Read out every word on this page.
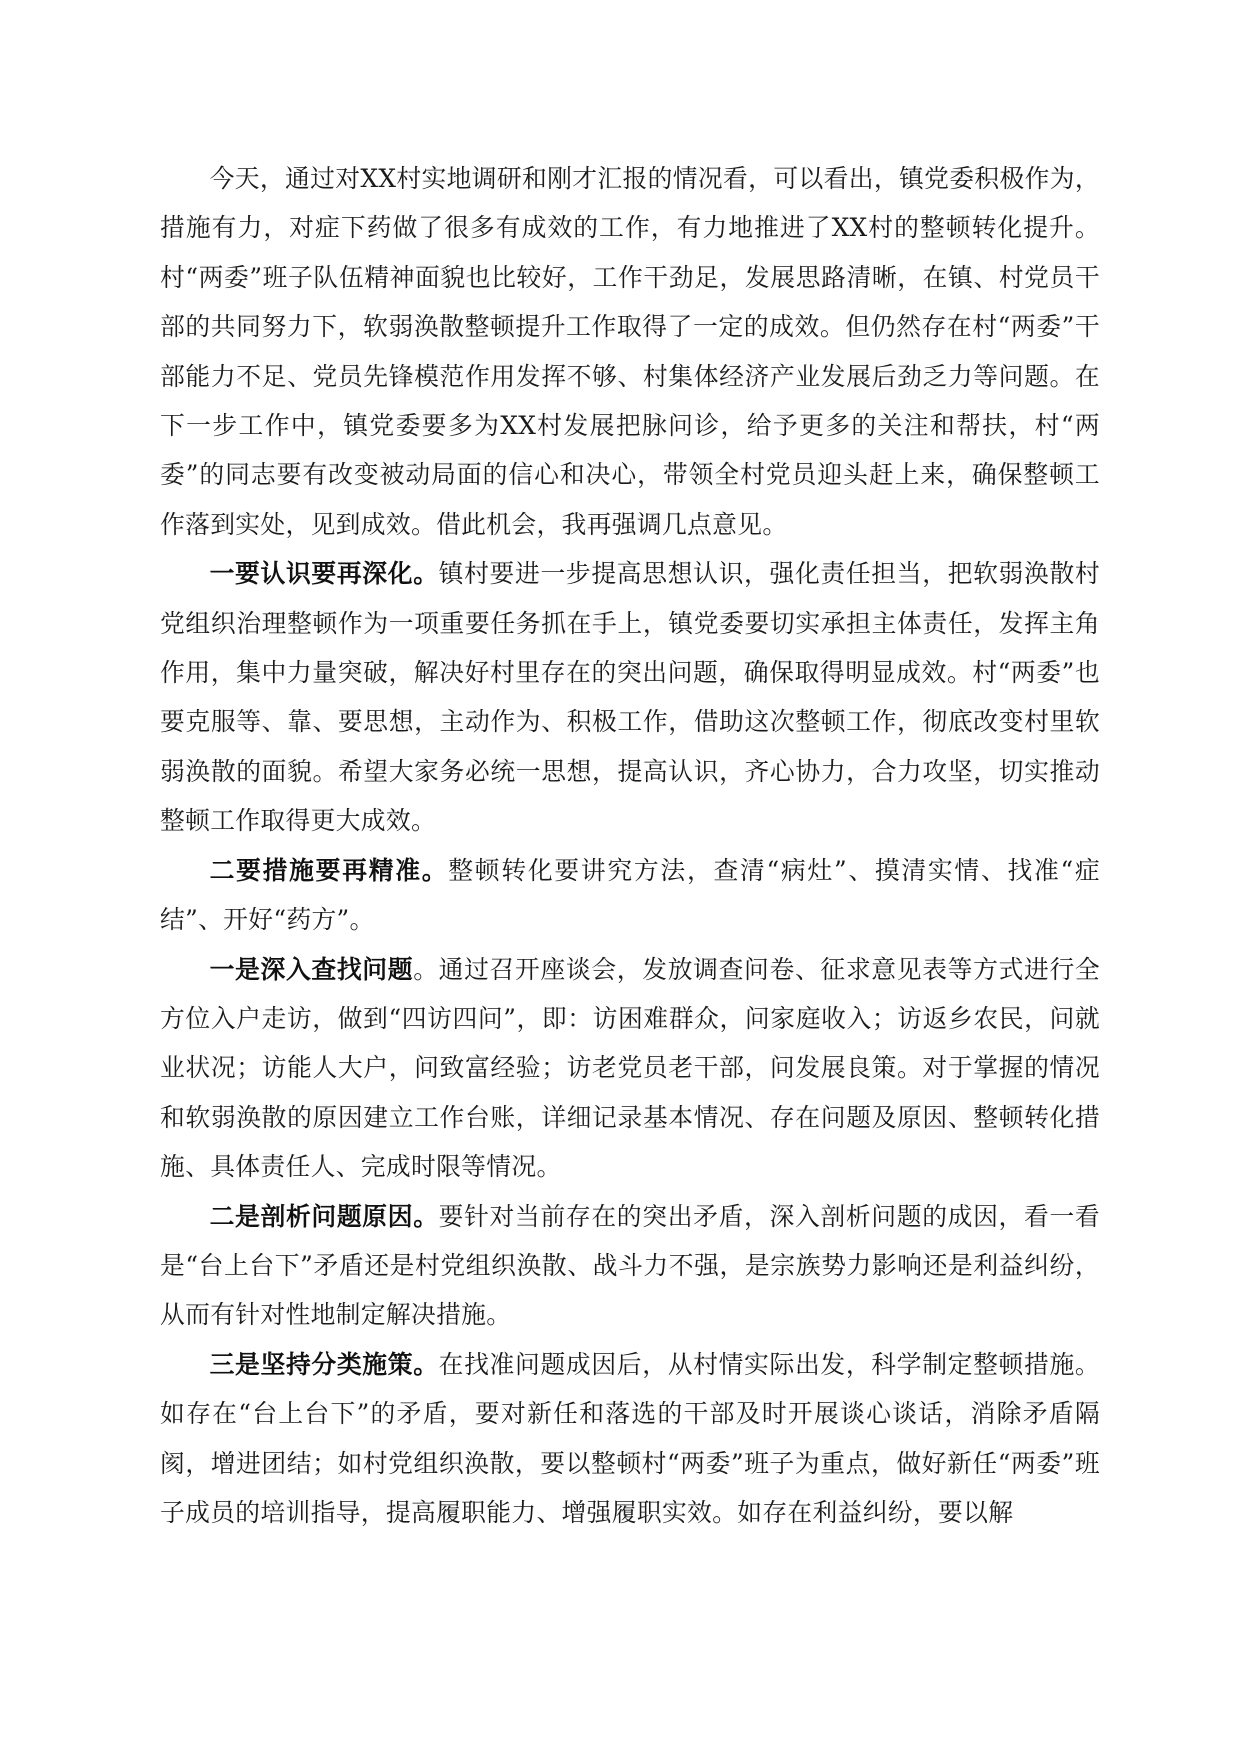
今天，通过对XX村实地调研和刚才汇报的情况看，可以看出，镇党委积极作为，措施有力，对症下药做了很多有成效的工作，有力地推进了XX村的整顿转化提升。村“两委”班子队伍精神面貌也比较好，工作干劲足，发展思路清晰，在镇、村党员干部的共同努力下，软弱涣散整顿提升工作取得了一定的成效。但仍然存在村“两委”干部能力不足、党员先锋模范作用发挥不够、村集体经济产业发展后劲乏力等问题。在下一步工作中，镇党委要多为XX村发展把脉问诊，给予更多的关注和帮扶，村“两委”的同志要有改变被动局面的信心和决心，带领全村党员迎头赶上来，确保整顿工作落到实处，见到成效。借此机会，我再强调几点意见。

一要认识要再深化。镇村要进一步提高思想认识，强化责任担当，把软弱涣散村党组织治理整顿作为一项重要任务抓在手上，镇党委要切实承担主体责任，发挥主角作用，集中力量突破，解决好村里存在的突出问题，确保取得明显成效。村“两委”也要克服等、靠、要思想，主动作为、积极工作，借助这次整顿工作，彻底改变村里软弱涣散的面貌。希望大家务必统一思想，提高认识，齐心协力，合力攻坚，切实推动整顿工作取得更大成效。

二要措施要再精准。整顿转化要讲究方法，查清“病灶”、摸清实情、找准“症结”、开好“药方”。

一是深入查找问题。通过召开座谈会，发放调查问卷、征求意见表等方式进行全方位入户走访，做到“四访四问”，即：访困难群众，问家庭收入；访返乡农民，问就业状况；访能人大户，问致富经验；访老党员老干部，问发展良策。对于掌握的情况和软弱涣散的原因建立工作台账，详细记录基本情况、存在问题及原因、整顿转化措施、具体责任人、完成时限等情况。

二是剖析问题原因。要针对当前存在的突出矛盾，深入剖析问题的成因，看一看是“台上台下”矛盾还是村党组织涣散、战斗力不强，是宗族势力影响还是利益纠纷，从而有针对性地制定解决措施。

三是坚持分类施策。在找准问题成因后，从村情实际出发，科学制定整顿措施。如存在“台上台下”的矛盾，要对新任和落选的干部及时开展谈心谈话，消除矛盾隔阂，增进团结；如村党组织涣散，要以整顿村“两委”班子为重点，做好新任“两委”班子成员的培训指导，提高履职能力、增强履职实效。如存在利益纠纷，要以解
